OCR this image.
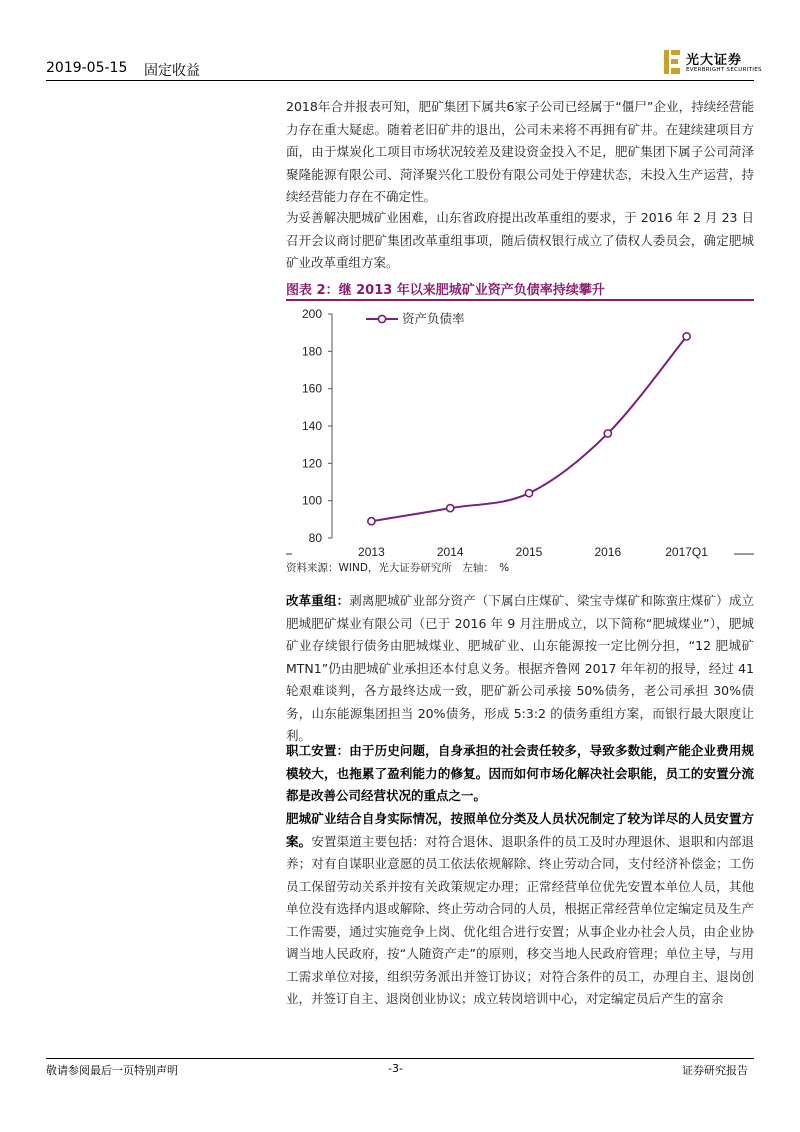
2019-05-15 固定收益
光大证券
EVERBRIGHT SECURITIES

2018年合并报表可知，肥矿集团下属共6家子公司已经属于“僵尸”企业，持续经营能力存在重大疑虑。随着老旧矿井的退出，公司未来将不再拥有矿井。在建续建项目方面，由于煤炭化工项目市场状况较差及建设资金投入不足，肥矿集团下属子公司菏泽聚隆能源有限公司、菏泽聚兴化工股份有限公司处于停建状态，未投入生产运营，持续经营能力存在不确定性。

为妥善解决肥城矿业困难，山东省政府提出改革重组的要求，于 2016 年 2 月 23 日召开会议商讨肥矿集团改革重组事项，随后债权银行成立了债权人委员会，确定肥城矿业改革重组方案。

图表 2：继 2013 年以来肥城矿业资产负债率持续攀升
80
100
120
140
160
180
200
2013	2014	2015	2016	2017Q1
资产负债率
资料来源：WIND，光大证券研究所　左轴：　%

改革重组：剥离肥城矿业部分资产（下属白庄煤矿、梁宝寺煤矿和陈蛮庄煤矿）成立肥城肥矿煤业有限公司（已于 2016 年 9 月注册成立，以下简称“肥城煤业”），肥城矿业存续银行债务由肥城煤业、肥城矿业、山东能源按一定比例分担，“12 肥城矿 MTN1”仍由肥城矿业承担还本付息义务。根据齐鲁网 2017 年年初的报导，经过 41 轮艰难谈判，各方最终达成一致，肥矿新公司承接 50%债务，老公司承担 30%债务，山东能源集团担当 20%债务，形成 5:3:2 的债务重组方案，而银行最大限度让利。

职工安置：由于历史问题，自身承担的社会责任较多，导致多数过剩产能企业费用规模较大，也拖累了盈利能力的修复。因而如何市场化解决社会职能，员工的安置分流都是改善公司经营状况的重点之一。

肥城矿业结合自身实际情况，按照单位分类及人员状况制定了较为详尽的人员安置方案。安置渠道主要包括：对符合退休、退职条件的员工及时办理退休、退职和内部退养；对有自谋职业意愿的员工依法依规解除、终止劳动合同，支付经济补偿金；工伤员工保留劳动关系并按有关政策规定办理；正常经营单位优先安置本单位人员，其他单位没有选择内退或解除、终止劳动合同的人员，根据正常经营单位定编定员及生产工作需要，通过实施竞争上岗、优化组合进行安置；从事企业办社会人员，由企业协调当地人民政府，按“人随资产走”的原则，移交当地人民政府管理；单位主导，与用工需求单位对接，组织劳务派出并签订协议；对符合条件的员工，办理自主、退岗创业，并签订自主、退岗创业协议；成立转岗培训中心，对定编定员后产生的富余

敬请参阅最后一页特别声明	-3-	证券研究报告
